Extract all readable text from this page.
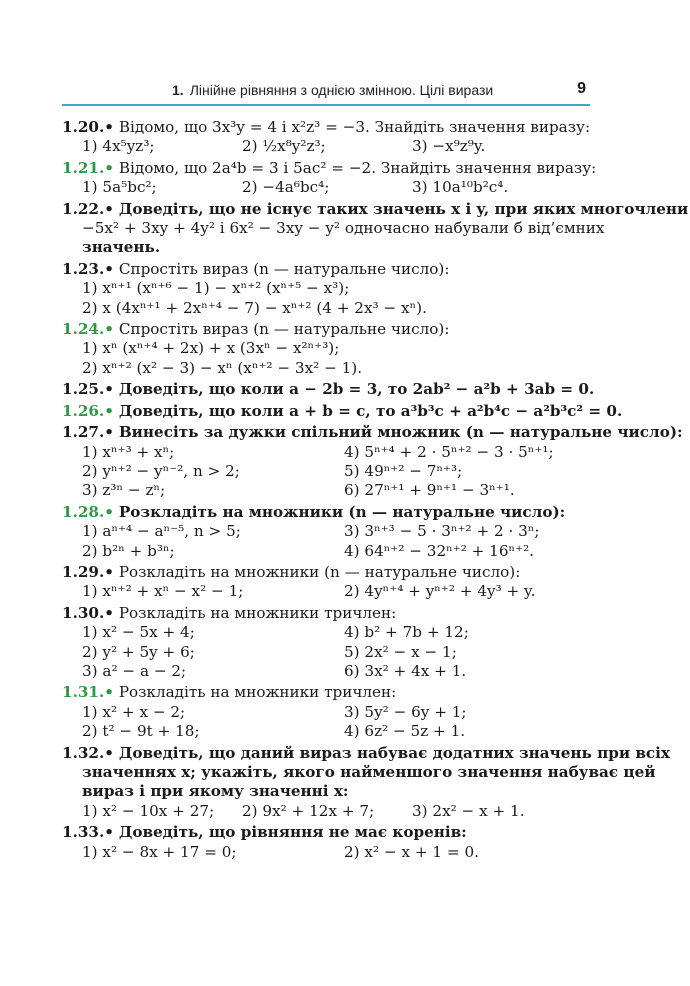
1. Лінійне рівняння з однією змінною. Цілі вирази	9
1.20.• Відомо, що 3x³y = 4 і x²z³ = −3. Знайдіть значення виразу:
1) 4x⁵yz³;	2) ½x⁸y²z³;	3) −x⁹z⁹y.
1.21.• Відомо, що 2a⁴b = 3 і 5ac² = −2. Знайдіть значення виразу:
1) 5a⁵bc²;	2) −4a⁶bc⁴;	3) 10a¹⁰b²c⁴.
1.22.• Доведіть, що не існує таких значень x і y, при яких многочлени
−5x² + 3xy + 4y² і 6x² − 3xy − y² одночасно набували б від’ємних
значень.
1.23.• Спростіть вираз (n — натуральне число):
1) xⁿ⁺¹ (xⁿ⁺⁶ − 1) − xⁿ⁺² (xⁿ⁺⁵ − x³);
2) x (4xⁿ⁺¹ + 2xⁿ⁺⁴ − 7) − xⁿ⁺² (4 + 2x³ − xⁿ).
1.24.• Спростіть вираз (n — натуральне число):
1) xⁿ (xⁿ⁺⁴ + 2x) + x (3xⁿ − x²ⁿ⁺³);
2) xⁿ⁺² (x² − 3) − xⁿ (xⁿ⁺² − 3x² − 1).
1.25.• Доведіть, що коли a − 2b = 3, то 2ab² − a²b + 3ab = 0.
1.26.• Доведіть, що коли a + b = c, то a³b³c + a²b⁴c − a²b³c² = 0.
1.27.• Винесіть за дужки спільний множник (n — натуральне число):
1) xⁿ⁺³ + xⁿ;	4) 5ⁿ⁺⁴ + 2 · 5ⁿ⁺² − 3 · 5ⁿ⁺¹;
2) yⁿ⁺² − yⁿ⁻², n > 2;	5) 49ⁿ⁺² − 7ⁿ⁺³;
3) z³ⁿ − zⁿ;	6) 27ⁿ⁺¹ + 9ⁿ⁺¹ − 3ⁿ⁺¹.
1.28.• Розкладіть на множники (n — натуральне число):
1) aⁿ⁺⁴ − aⁿ⁻⁵, n > 5;	3) 3ⁿ⁺³ − 5 · 3ⁿ⁺² + 2 · 3ⁿ;
2) b²ⁿ + b³ⁿ;	4) 64ⁿ⁺² − 32ⁿ⁺² + 16ⁿ⁺².
1.29.• Розкладіть на множники (n — натуральне число):
1) xⁿ⁺² + xⁿ − x² − 1;	2) 4yⁿ⁺⁴ + yⁿ⁺² + 4y³ + y.
1.30.• Розкладіть на множники тричлен:
1) x² − 5x + 4;	4) b² + 7b + 12;
2) y² + 5y + 6;	5) 2x² − x − 1;
3) a² − a − 2;	6) 3x² + 4x + 1.
1.31.• Розкладіть на множники тричлен:
1) x² + x − 2;	3) 5y² − 6y + 1;
2) t² − 9t + 18;	4) 6z² − 5z + 1.
1.32.• Доведіть, що даний вираз набуває додатних значень при всіх
значеннях x; укажіть, якого найменшого значення набуває цей
вираз і при якому значенні x:
1) x² − 10x + 27;	2) 9x² + 12x + 7;	3) 2x² − x + 1.
1.33.• Доведіть, що рівняння не має коренів:
1) x² − 8x + 17 = 0;	2) x² − x + 1 = 0.
